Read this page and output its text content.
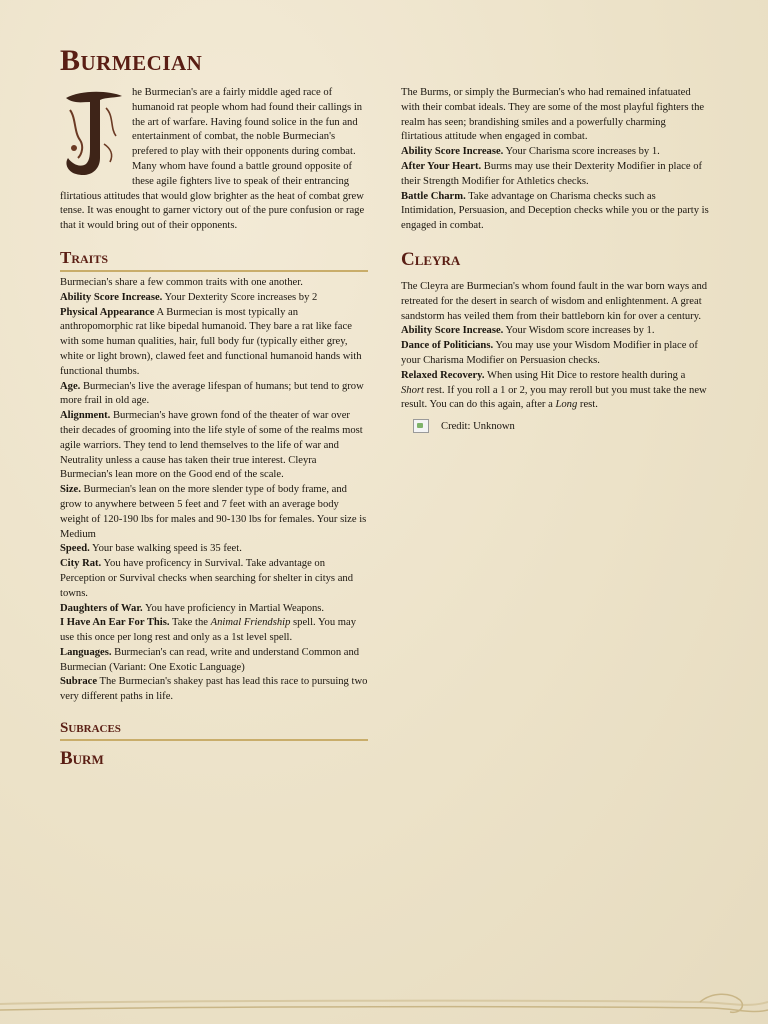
Burmecian

he Burmecian's are a fairly middle aged race of humanoid rat people whom had found their callings in the art of warfare. Having found solice in the fun and entertainment of combat, the noble Burmecian's prefered to play with their opponents during combat. Many whom have found a battle ground opposite of these agile fighters live to speak of their entrancing flirtatious attitudes that would glow brighter as the heat of combat grew tense. It was enought to garner victory out of the pure confusion or rage that it would bring out of their opponents.

Traits

Burmecian's share a few common traits with one another.

Ability Score Increase. Your Dexterity Score increases by 2

Physical Appearance A Burmecian is most typically an anthropomorphic rat like bipedal humanoid. They bare a rat like face with some human qualities, hair, full body fur (typically either grey, white or light brown), clawed feet and functional humanoid hands with functional thumbs.

Age. Burmecian's live the average lifespan of humans; but tend to grow more frail in old age.

Alignment. Burmecian's have grown fond of the theater of war over their decades of grooming into the life style of some of the realms most agile warriors. They tend to lend themselves to the life of war and Neutrality unless a cause has taken their true interest. Cleyra Burmecian's lean more on the Good end of the scale.

Size. Burmecian's lean on the more slender type of body frame, and grow to anywhere between 5 feet and 7 feet with an average body weight of 120-190 lbs for males and 90-130 lbs for females. Your size is Medium

Speed. Your base walking speed is 35 feet.

City Rat. You have proficency in Survival. Take advantage on Perception or Survival checks when searching for shelter in citys and towns.

Daughters of War. You have proficiency in Martial Weapons.

I Have An Ear For This. Take the Animal Friendship spell. You may use this once per long rest and only as a 1st level spell.

Languages. Burmecian's can read, write and understand Common and Burmecian (Variant: One Exotic Language)

Subrace The Burmecian's shakey past has lead this race to pursuing two very different paths in life.

Subraces
Burm

The Burms, or simply the Burmecian's who had remained infatuated with their combat ideals. They are some of the most playful fighters the realm has seen; brandishing smiles and a powerfully charming flirtatious attitude when engaged in combat.

Ability Score Increase. Your Charisma score increases by 1.

After Your Heart. Burms may use their Dexterity Modifier in place of their Strength Modifier for Athletics checks.

Battle Charm. Take advantage on Charisma checks such as Intimidation, Persuasion, and Deception checks while you or the party is engaged in combat.

Cleyra

The Cleyra are Burmecian's whom found fault in the war born ways and retreated for the desert in search of wisdom and enlightenment. A great sandstorm has veiled them from their battleborn kin for over a century.

Ability Score Increase. Your Wisdom score increases by 1.

Dance of Politicians. You may use your Wisdom Modifier in place of your Charisma Modifier on Persuasion checks.

Relaxed Recovery. When using Hit Dice to restore health during a Short rest. If you roll a 1 or 2, you may reroll but you must take the new result. You can do this again, after a Long rest.

Credit: Unknown
